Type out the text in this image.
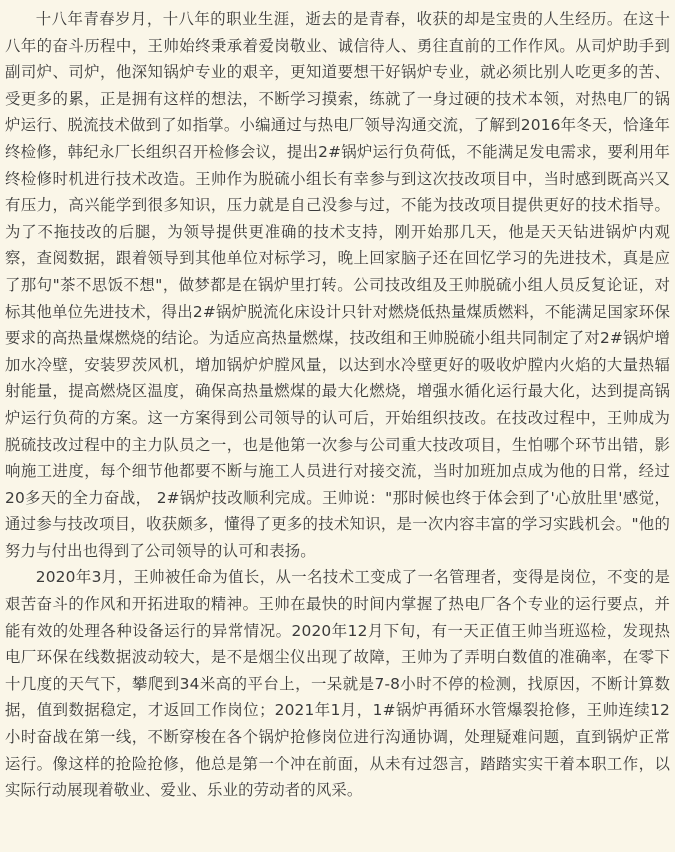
十八年青春岁月，十八年的职业生涯，逝去的是青春，收获的却是宝贵的人生经历。在这十八年的奋斗历程中，王帅始终秉承着爱岗敬业、诚信待人、勇往直前的工作作风。从司炉助手到副司炉、司炉，他深知锅炉专业的艰辛，更知道要想干好锅炉专业，就必须比别人吃更多的苦、受更多的累，正是拥有这样的想法，不断学习摸索，练就了一身过硬的技术本领，对热电厂的锅炉运行、脱流技术做到了如指掌。小编通过与热电厂领导沟通交流，了解到2016年冬天，恰逢年终检修，韩纪永厂长组织召开检修会议，提出2#锅炉运行负荷低，不能满足发电需求，要利用年终检修时机进行技术改造。王帅作为脱硫小组长有幸参与到这次技改项目中，当时感到既高兴又有压力，高兴能学到很多知识，压力就是自己没参与过，不能为技改项目提供更好的技术指导。为了不拖技改的后腿，为领导提供更准确的技术支持，刚开始那几天，他是天天钻进锅炉内观察，查阅数据，跟着领导到其他单位对标学习，晚上回家脑子还在回忆学习的先进技术，真是应了那句"茶不思饭不想"，做梦都是在锅炉里打转。公司技改组及王帅脱硫小组人员反复论证，对标其他单位先进技术，得出2#锅炉脱流化床设计只针对燃烧低热量煤质燃料，不能满足国家环保要求的高热量煤燃烧的结论。为适应高热量燃煤，技改组和王帅脱硫小组共同制定了对2#锅炉增加水冷壁，安装罗茨风机，增加锅炉炉膛风量，以达到水冷壁更好的吸收炉膛内火焰的大量热辐射能量，提高燃烧区温度，确保高热量燃煤的最大化燃烧，增强水循化运行最大化，达到提高锅炉运行负荷的方案。这一方案得到公司领导的认可后，开始组织技改。在技改过程中，王帅成为脱硫技改过程中的主力队员之一，也是他第一次参与公司重大技改项目，生怕哪个环节出错，影响施工进度，每个细节他都要不断与施工人员进行对接交流，当时加班加点成为他的日常，经过20多天的全力奋战， 2#锅炉技改顺利完成。王帅说："那时候也终于体会到了'心放肚里'感觉，通过参与技改项目，收获颇多，懂得了更多的技术知识，是一次内容丰富的学习实践机会。"他的努力与付出也得到了公司领导的认可和表扬。

2020年3月，王帅被任命为值长，从一名技术工变成了一名管理者，变得是岗位，不变的是艰苦奋斗的作风和开拓进取的精神。王帅在最快的时间内掌握了热电厂各个专业的运行要点，并能有效的处理各种设备运行的异常情况。2020年12月下旬，有一天正值王帅当班巡检，发现热电厂环保在线数据波动较大，是不是烟尘仪出现了故障，王帅为了弄明白数值的准确率，在零下十几度的天气下，攀爬到34米高的平台上，一呆就是7-8小时不停的检测，找原因，不断计算数据，值到数据稳定，才返回工作岗位；2021年1月，1#锅炉再循环水管爆裂抢修，王帅连续12小时奋战在第一线，不断穿梭在各个锅炉抢修岗位进行沟通协调，处理疑难问题，直到锅炉正常运行。像这样的抢险抢修，他总是第一个冲在前面，从未有过怨言，踏踏实实干着本职工作，以实际行动展现着敬业、爱业、乐业的劳动者的风采。
